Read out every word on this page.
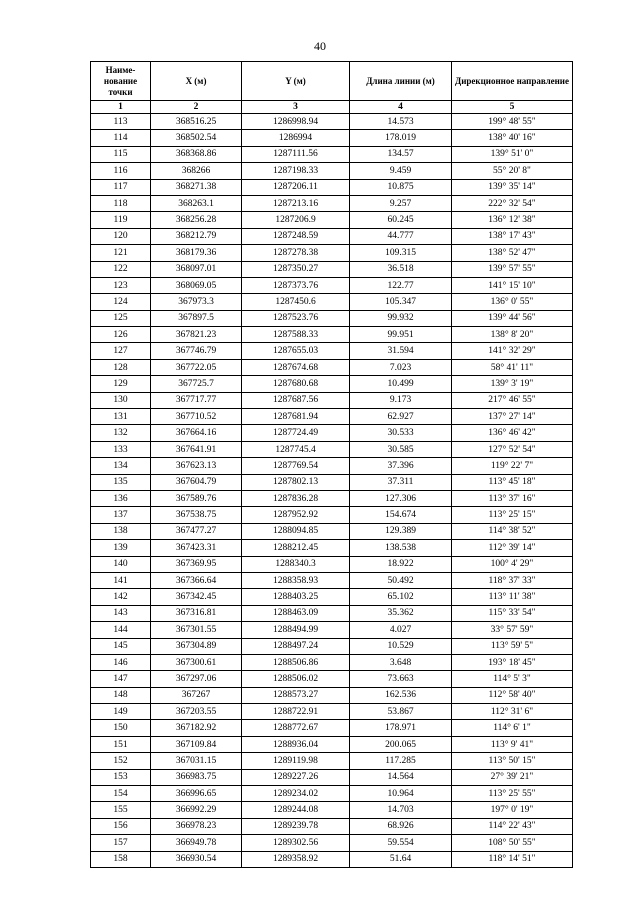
40
Наиме-нование точки	X (м)	Y (м)	Длина линии (м)	Дирекционное направление
1	2	3	4	5
113	368516.25	1286998.94	14.573	199° 48' 55"
114	368502.54	1286994	178.019	138° 40' 16"
115	368368.86	1287111.56	134.57	139° 51' 0"
116	368266	1287198.33	9.459	55° 20' 8"
117	368271.38	1287206.11	10.875	139° 35' 14"
118	368263.1	1287213.16	9.257	222° 32' 54"
119	368256.28	1287206.9	60.245	136° 12' 38"
120	368212.79	1287248.59	44.777	138° 17' 43"
121	368179.36	1287278.38	109.315	138° 52' 47"
122	368097.01	1287350.27	36.518	139° 57' 55"
123	368069.05	1287373.76	122.77	141° 15' 10"
124	367973.3	1287450.6	105.347	136° 0' 55"
125	367897.5	1287523.76	99.932	139° 44' 56"
126	367821.23	1287588.33	99.951	138° 8' 20"
127	367746.79	1287655.03	31.594	141° 32' 29"
128	367722.05	1287674.68	7.023	58° 41' 11"
129	367725.7	1287680.68	10.499	139° 3' 19"
130	367717.77	1287687.56	9.173	217° 46' 55"
131	367710.52	1287681.94	62.927	137° 27' 14"
132	367664.16	1287724.49	30.533	136° 46' 42"
133	367641.91	1287745.4	30.585	127° 52' 54"
134	367623.13	1287769.54	37.396	119° 22' 7"
135	367604.79	1287802.13	37.311	113° 45' 18"
136	367589.76	1287836.28	127.306	113° 37' 16"
137	367538.75	1287952.92	154.674	113° 25' 15"
138	367477.27	1288094.85	129.389	114° 38' 52"
139	367423.31	1288212.45	138.538	112° 39' 14"
140	367369.95	1288340.3	18.922	100° 4' 29"
141	367366.64	1288358.93	50.492	118° 37' 33"
142	367342.45	1288403.25	65.102	113° 11' 38"
143	367316.81	1288463.09	35.362	115° 33' 54"
144	367301.55	1288494.99	4.027	33° 57' 59"
145	367304.89	1288497.24	10.529	113° 59' 5"
146	367300.61	1288506.86	3.648	193° 18' 45"
147	367297.06	1288506.02	73.663	114° 5' 3"
148	367267	1288573.27	162.536	112° 58' 40"
149	367203.55	1288722.91	53.867	112° 31' 6"
150	367182.92	1288772.67	178.971	114° 6' 1"
151	367109.84	1288936.04	200.065	113° 9' 41"
152	367031.15	1289119.98	117.285	113° 50' 15"
153	366983.75	1289227.26	14.564	27° 39' 21"
154	366996.65	1289234.02	10.964	113° 25' 55"
155	366992.29	1289244.08	14.703	197° 0' 19"
156	366978.23	1289239.78	68.926	114° 22' 43"
157	366949.78	1289302.56	59.554	108° 50' 55"
158	366930.54	1289358.92	51.64	118° 14' 51"
